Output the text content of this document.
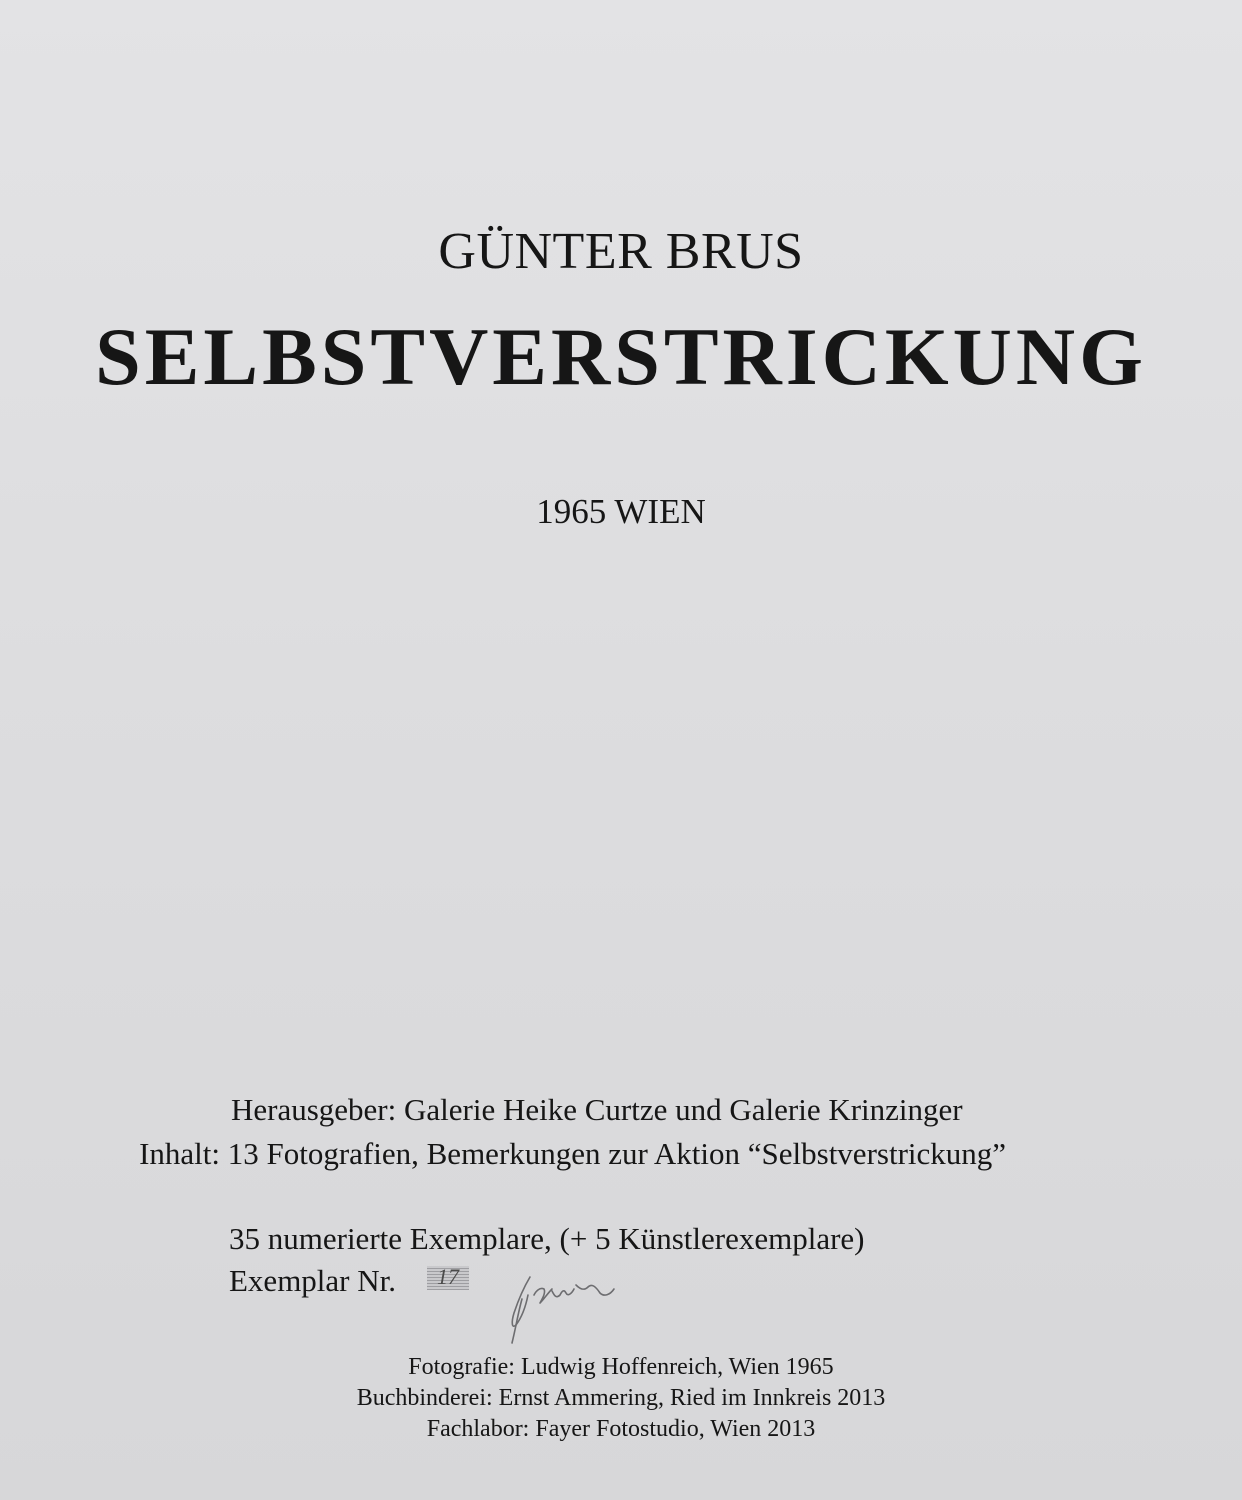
GÜNTER BRUS
SELBSTVERSTRICKUNG
1965 WIEN
Herausgeber: Galerie Heike Curtze und Galerie Krinzinger
Inhalt: 13 Fotografien, Bemerkungen zur Aktion “Selbstverstrickung”
35 numerierte Exemplare, (+ 5 Künstlerexemplare)
Exemplar Nr.	17
Fotografie: Ludwig Hoffenreich, Wien 1965
Buchbinderei: Ernst Ammering, Ried im Innkreis 2013
Fachlabor: Fayer Fotostudio, Wien 2013
